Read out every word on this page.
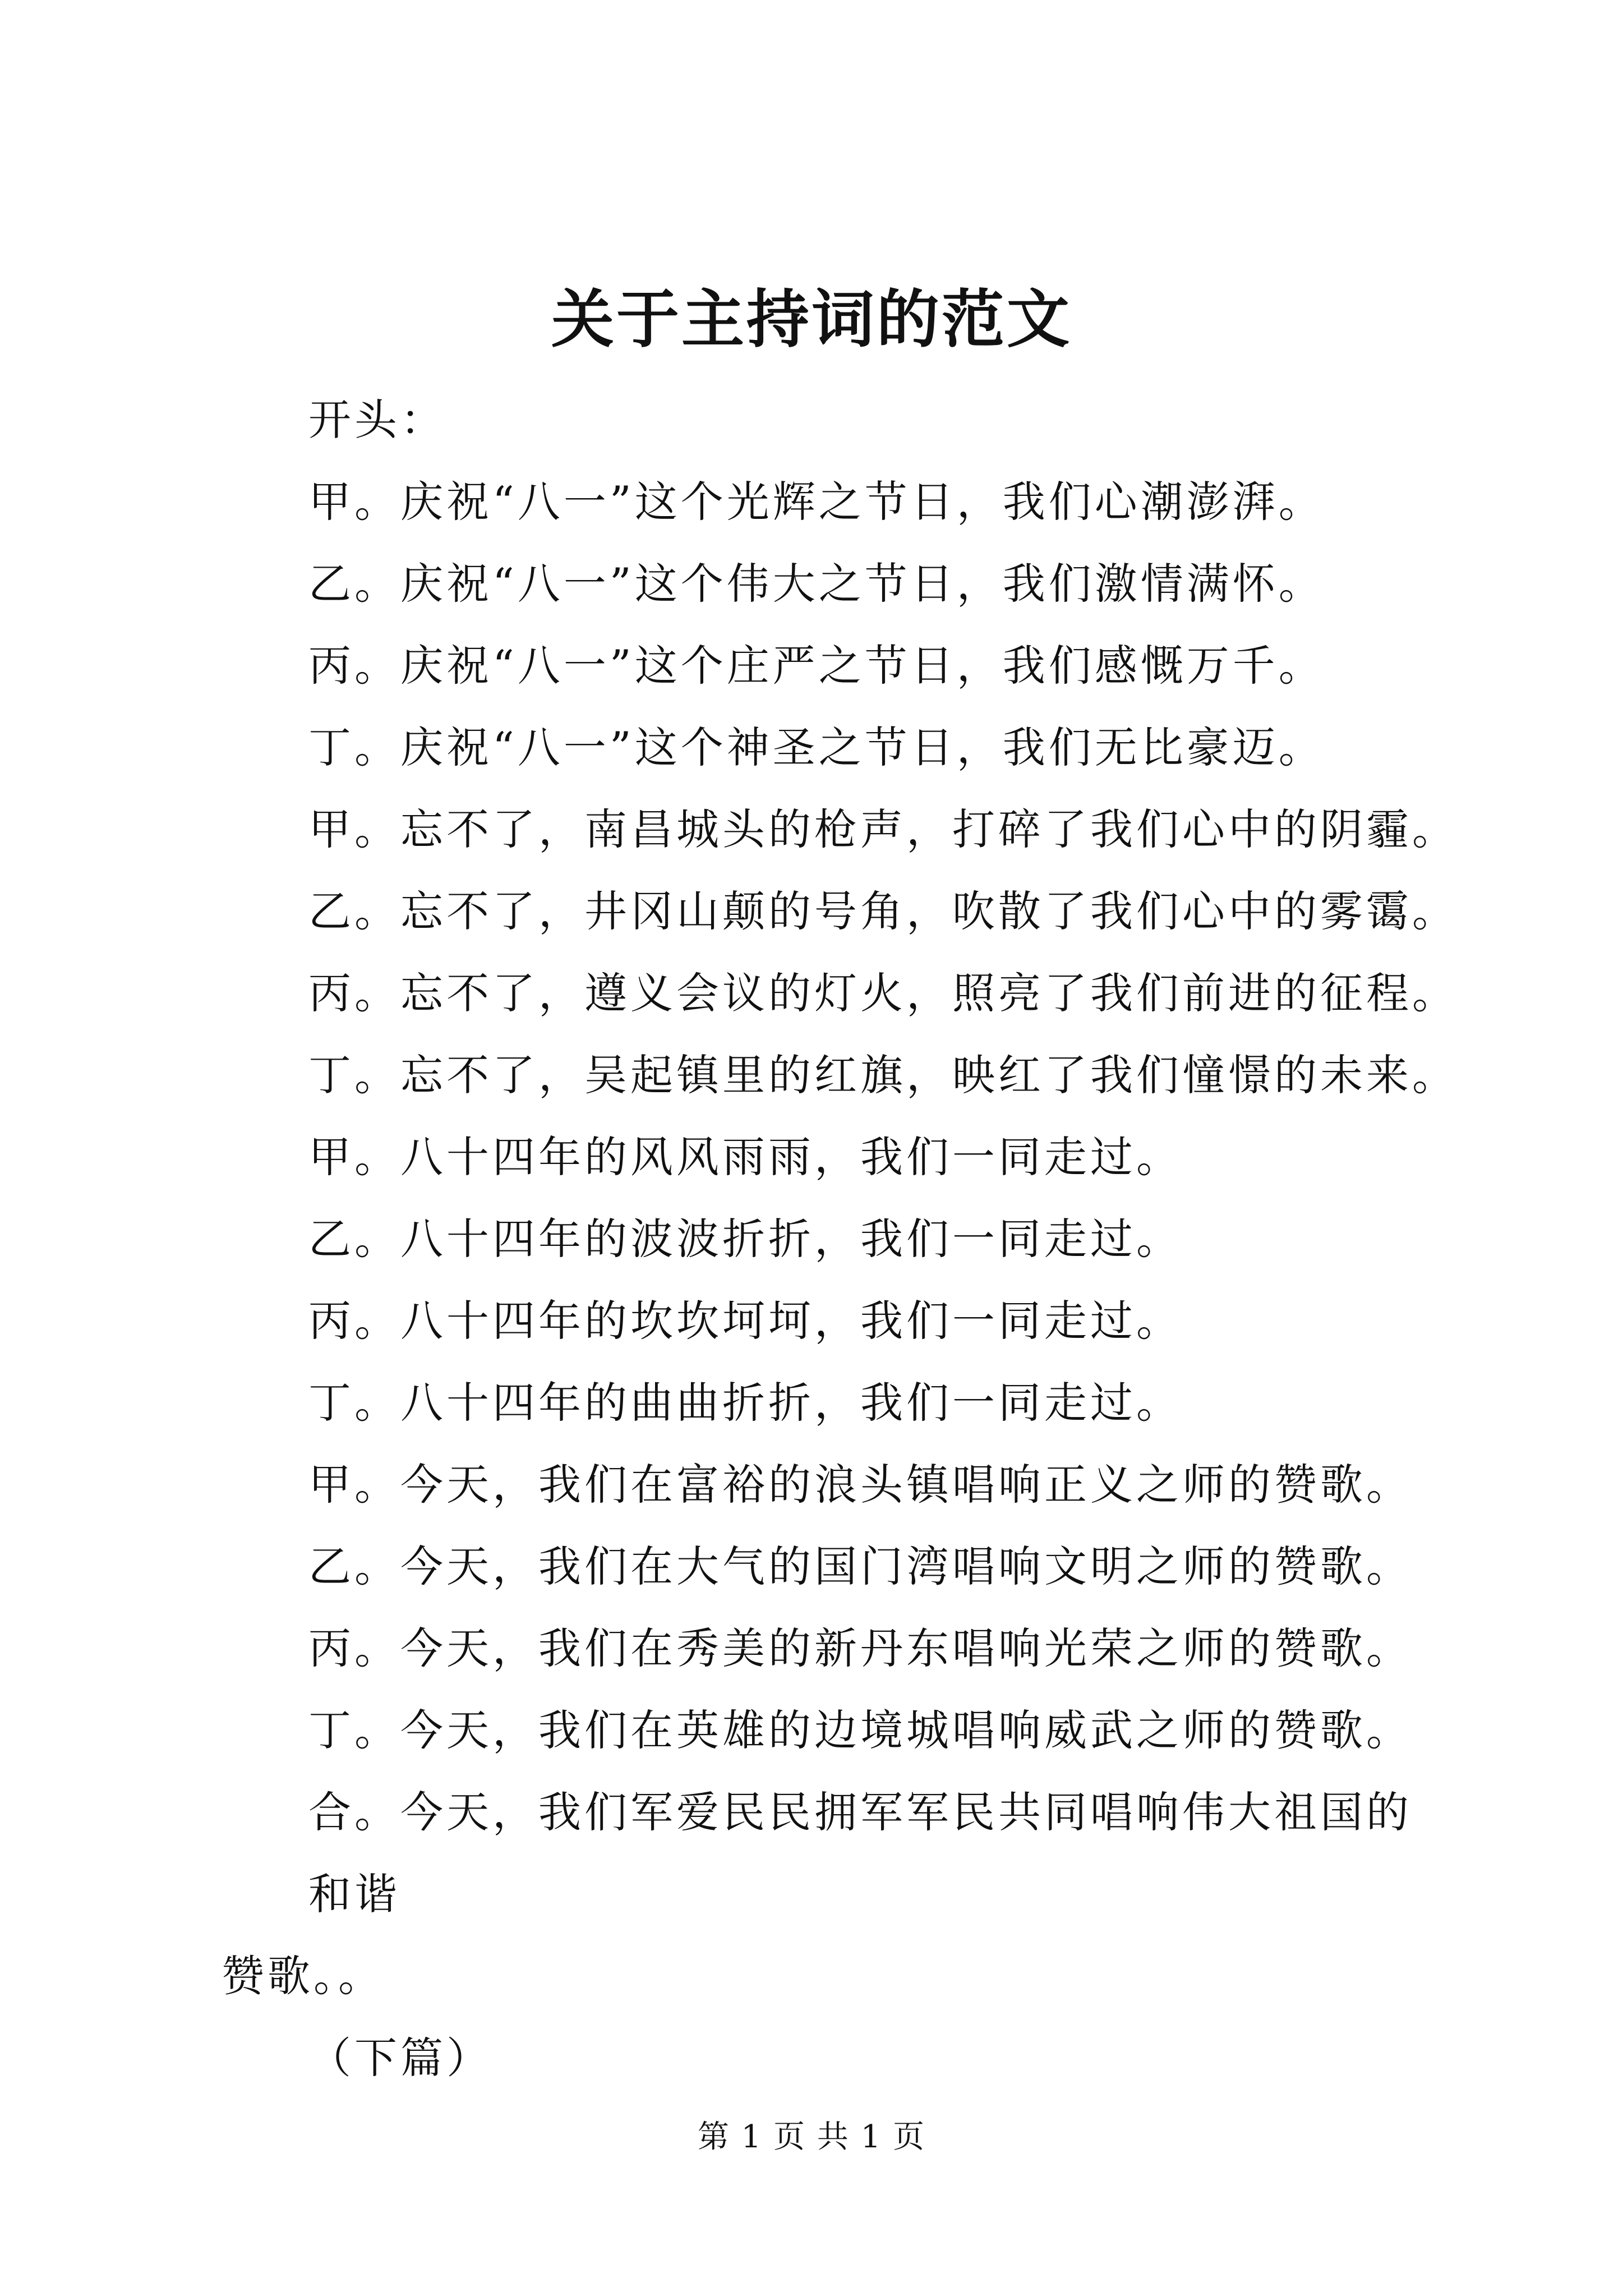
关于主持词的范文

开头：

甲。庆祝“八一”这个光辉之节日，我们心潮澎湃。

乙。庆祝“八一”这个伟大之节日，我们激情满怀。

丙。庆祝“八一”这个庄严之节日，我们感慨万千。

丁。庆祝“八一”这个神圣之节日，我们无比豪迈。

甲。忘不了，南昌城头的枪声，打碎了我们心中的阴霾。

乙。忘不了，井冈山颠的号角，吹散了我们心中的雾霭。

丙。忘不了，遵义会议的灯火，照亮了我们前进的征程。

丁。忘不了，吴起镇里的红旗，映红了我们憧憬的未来。

甲。八十四年的风风雨雨，我们一同走过。

乙。八十四年的波波折折，我们一同走过。

丙。八十四年的坎坎坷坷，我们一同走过。

丁。八十四年的曲曲折折，我们一同走过。

甲。今天，我们在富裕的浪头镇唱响正义之师的赞歌。

乙。今天，我们在大气的国门湾唱响文明之师的赞歌。

丙。今天，我们在秀美的新丹东唱响光荣之师的赞歌。

丁。今天，我们在英雄的边境城唱响威武之师的赞歌。

合。今天，我们军爱民民拥军军民共同唱响伟大祖国的和谐
赞歌。。

（下篇）

第 1 页 共 1 页
